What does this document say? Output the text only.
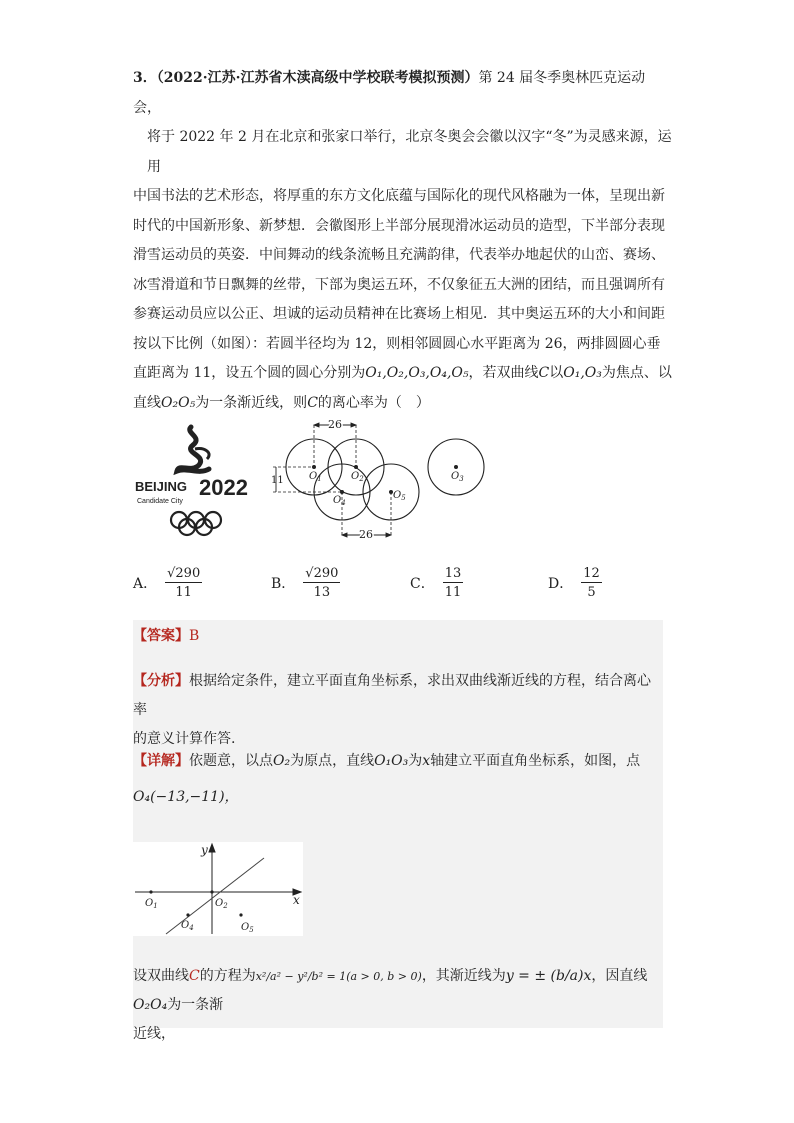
3．（2022·江苏·江苏省木渎高级中学校联考模拟预测）第 24 届冬季奥林匹克运动会，

将于 2022 年 2 月在北京和张家口举行，北京冬奥会会徽以汉字“冬”为灵感来源，运用

中国书法的艺术形态，将厚重的东方文化底蕴与国际化的现代风格融为一体，呈现出新

时代的中国新形象、新梦想．会徽图形上半部分展现滑冰运动员的造型，下半部分表现

滑雪运动员的英姿．中间舞动的线条流畅且充满韵律，代表举办地起伏的山峦、赛场、

冰雪滑道和节日飘舞的丝带，下部为奥运五环，不仅象征五大洲的团结，而且强调所有

参赛运动员应以公正、坦诚的运动员精神在比赛场上相见．其中奥运五环的大小和间距

按以下比例（如图）：若圆半径均为 12，则相邻圆圆心水平距离为 26，两排圆圆心垂

直距离为 11，设五个圆的圆心分别为O₁,O₂,O₃,O₄,O₅，若双曲线C以O₁,O₃为焦点、以

直线O₂O₅为一条渐近线，则C的离心率为（　）

BEIJING 2022
Candidate City
26
26
11	$O_1$	$O_2$	$O_3$
$O_4$
$O_5$
A． $\frac{√290}{11}$	B． $\frac{√290}{13}$	C． $\frac{13}{11}$	D． $\frac{12}{5}$
【答案】B
【分析】根据给定条件，建立平面直角坐标系，求出双曲线渐近线的方程，结合离心率
的意义计算作答.
【详解】依题意，以点O₂为原点，直线O₁O₃为x轴建立平面直角坐标系，如图，点
O₄(−13,−11)，
x
y
$O_1$	$O_2$
$O_4$	$O_5$
设双曲线C的方程为x²/a² − y²/b² = 1(a > 0, b > 0)，其渐近线为y = ± (b/a)x，因直线O₂O₄为一条渐
近线，
